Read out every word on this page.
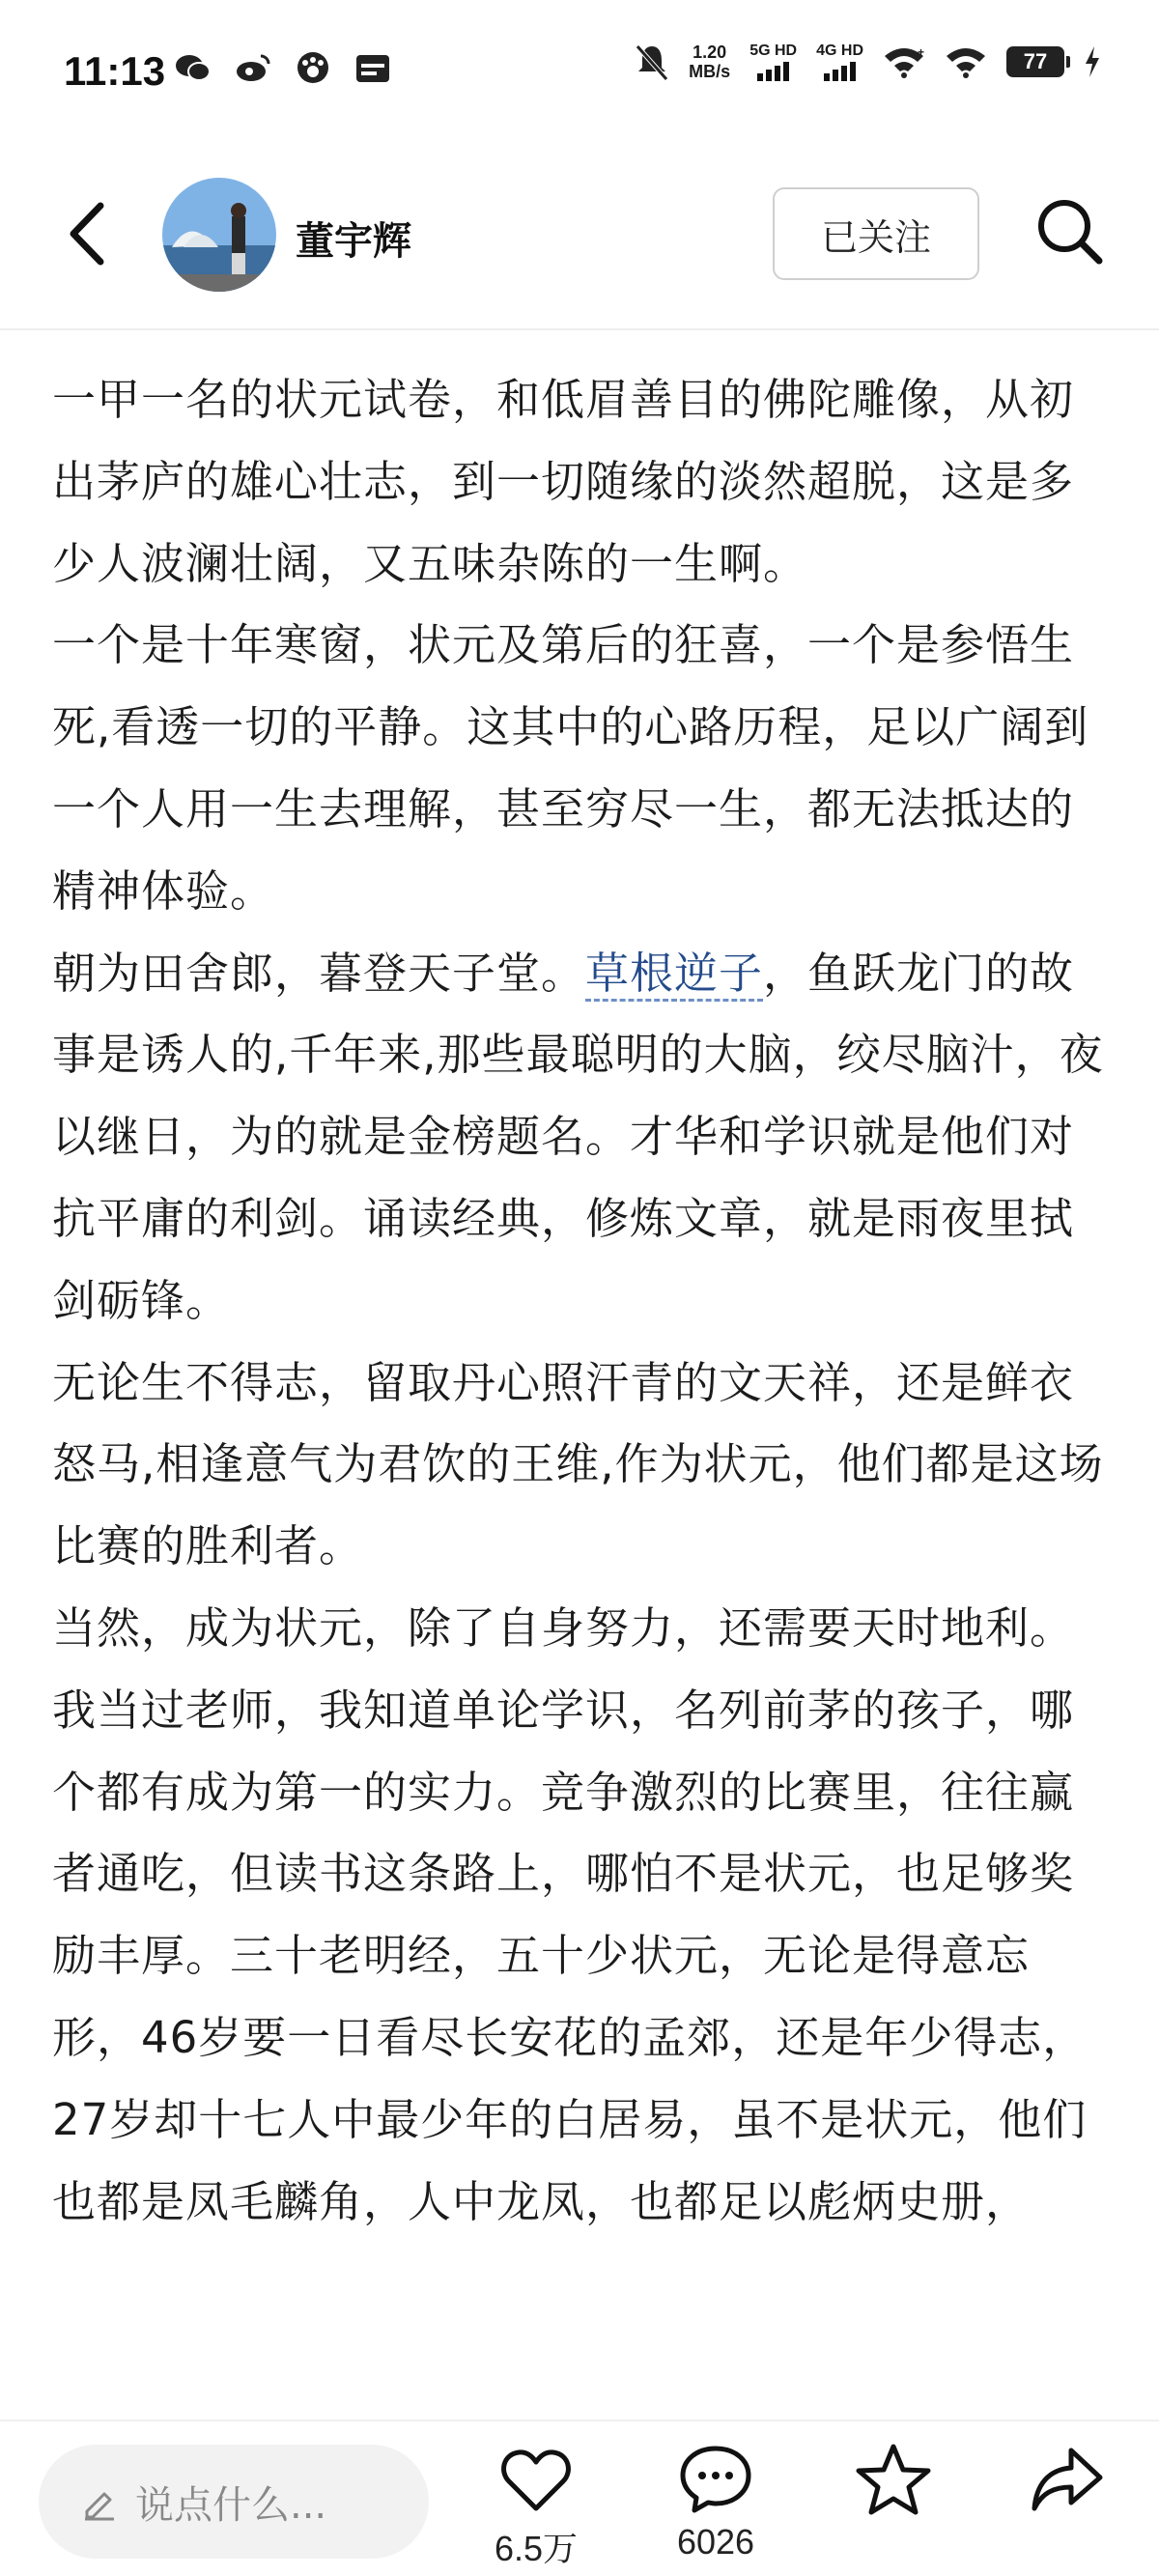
11:13	1.20
MB/s
5G HD 4G HD	+	77
董宇辉	已关注

一甲一名的状元试卷，和低眉善目的佛陀雕像，从初出茅庐的雄心壮志，到一切随缘的淡然超脱，这是多少人波澜壮阔，又五味杂陈的一生啊。

一个是十年寒窗，状元及第后的狂喜，一个是参悟生死,看透一切的平静。这其中的心路历程，足以广阔到一个人用一生去理解，甚至穷尽一生，都无法抵达的精神体验。

朝为田舍郎，暮登天子堂。草根逆子，鱼跃龙门的故事是诱人的,千年来,那些最聪明的大脑，绞尽脑汁，夜以继日，为的就是金榜题名。才华和学识就是他们对抗平庸的利剑。诵读经典，修炼文章，就是雨夜里拭剑砺锋。

无论生不得志，留取丹心照汗青的文天祥，还是鲜衣怒马,相逢意气为君饮的王维,作为状元，他们都是这场比赛的胜利者。

当然，成为状元，除了自身努力，还需要天时地利。我当过老师，我知道单论学识，名列前茅的孩子，哪个都有成为第一的实力。竞争激烈的比赛里，往往赢者通吃，但读书这条路上，哪怕不是状元，也足够奖励丰厚。三十老明经，五十少状元，无论是得意忘形，46岁要一日看尽长安花的孟郊，还是年少得志，27岁却十七人中最少年的白居易，虽不是状元，他们也都是凤毛麟角，人中龙凤，也都足以彪炳史册，

说点什么...
6.5万	6026
